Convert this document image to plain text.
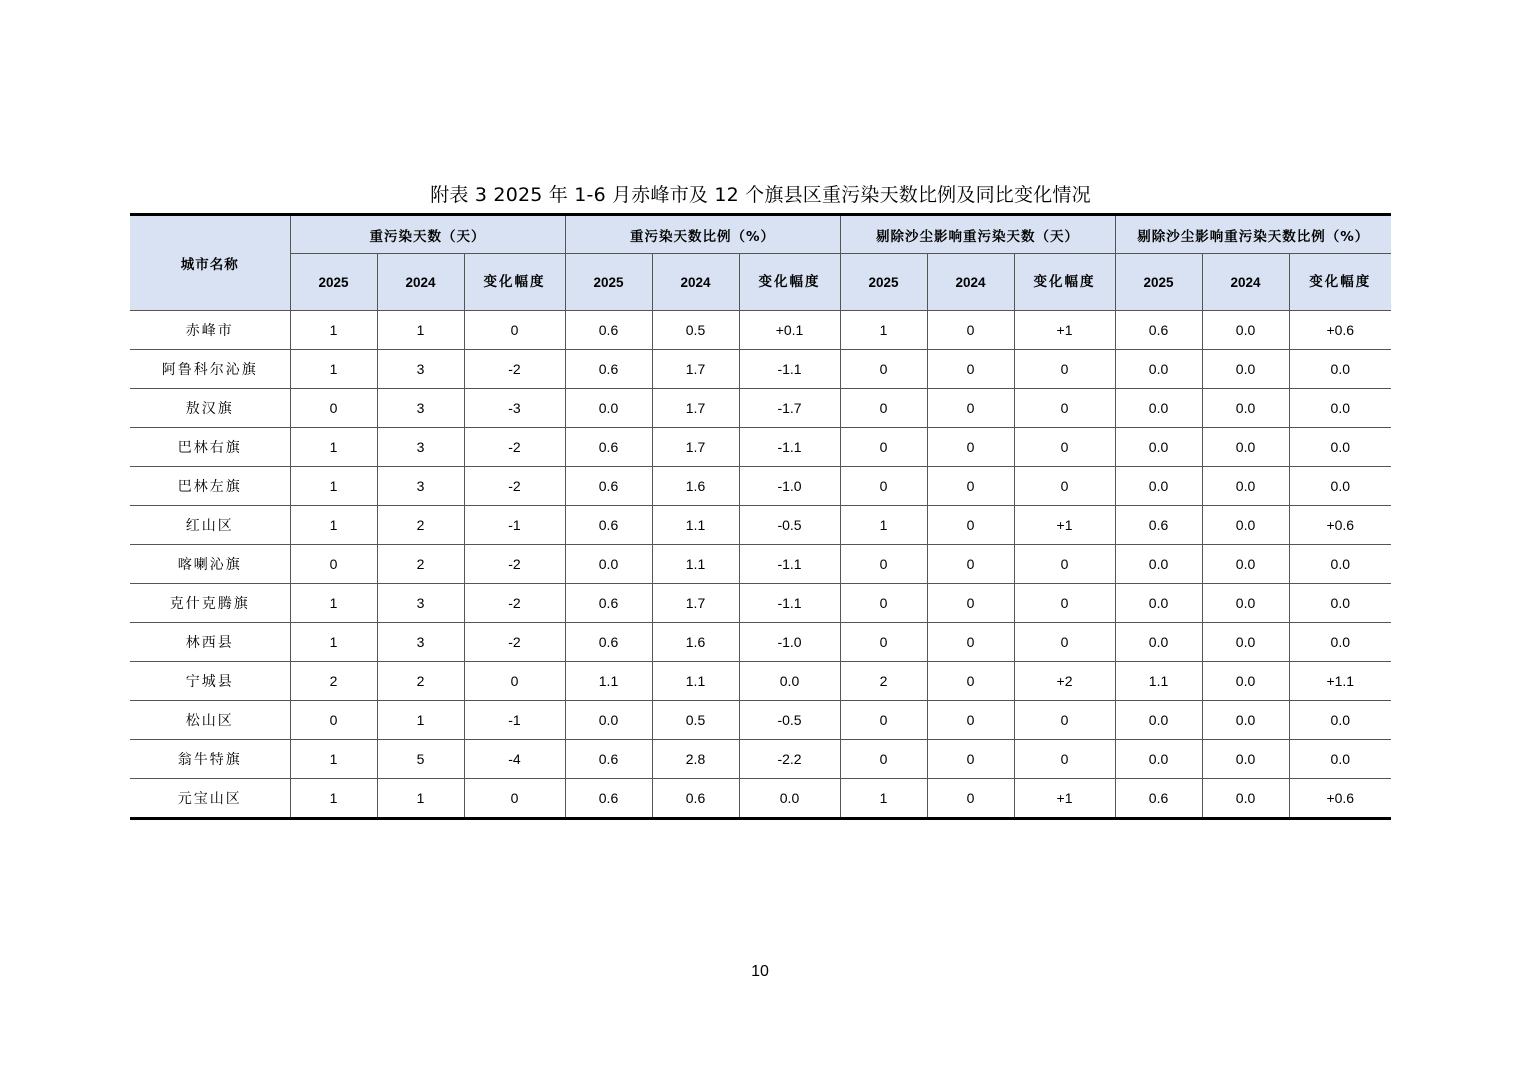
附表 3 2025 年 1-6 月赤峰市及 12 个旗县区重污染天数比例及同比变化情况
城市名称	重污染天数（天）			重污染天数比例（%）			剔除沙尘影响重污染天数（天）			剔除沙尘影响重污染天数比例（%）		
	2025	2024	变化幅度	2025	2024	变化幅度	2025	2024	变化幅度	2025	2024	变化幅度
赤峰市	1	1	0	0.6	0.5	+0.1	1	0	+1	0.6	0.0	+0.6
阿鲁科尔沁旗	1	3	-2	0.6	1.7	-1.1	0	0	0	0.0	0.0	0.0
敖汉旗	0	3	-3	0.0	1.7	-1.7	0	0	0	0.0	0.0	0.0
巴林右旗	1	3	-2	0.6	1.7	-1.1	0	0	0	0.0	0.0	0.0
巴林左旗	1	3	-2	0.6	1.6	-1.0	0	0	0	0.0	0.0	0.0
红山区	1	2	-1	0.6	1.1	-0.5	1	0	+1	0.6	0.0	+0.6
喀喇沁旗	0	2	-2	0.0	1.1	-1.1	0	0	0	0.0	0.0	0.0
克什克腾旗	1	3	-2	0.6	1.7	-1.1	0	0	0	0.0	0.0	0.0
林西县	1	3	-2	0.6	1.6	-1.0	0	0	0	0.0	0.0	0.0
宁城县	2	2	0	1.1	1.1	0.0	2	0	+2	1.1	0.0	+1.1
松山区	0	1	-1	0.0	0.5	-0.5	0	0	0	0.0	0.0	0.0
翁牛特旗	1	5	-4	0.6	2.8	-2.2	0	0	0	0.0	0.0	0.0
元宝山区	1	1	0	0.6	0.6	0.0	1	0	+1	0.6	0.0	+0.6
10
